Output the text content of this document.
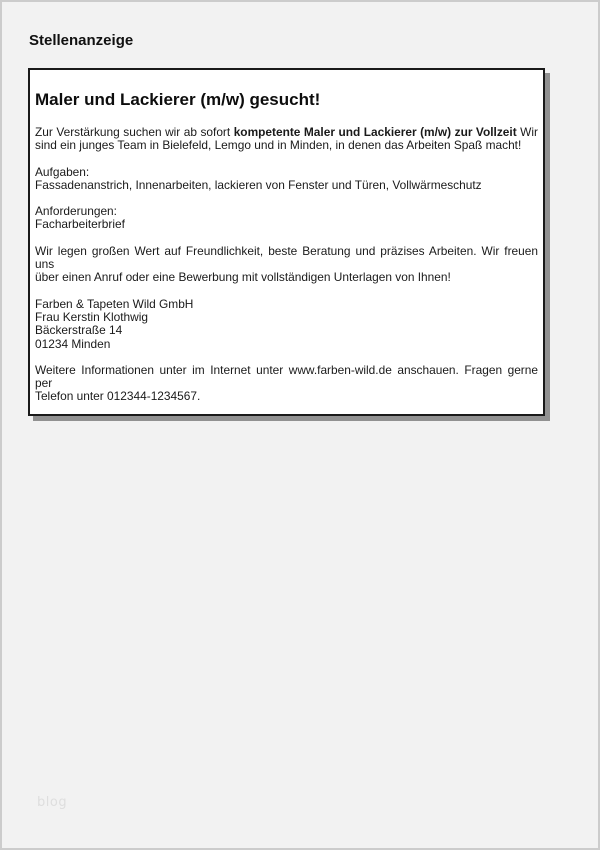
Stellenanzeige
Maler und Lackierer (m/w) gesucht!
Zur Verstärkung suchen wir ab sofort kompetente Maler und Lackierer (m/w) zur Vollzeit Wir
sind ein junges Team in Bielefeld, Lemgo und in Minden, in denen das Arbeiten Spaß macht!
Aufgaben:
Fassadenanstrich, Innenarbeiten, lackieren von Fenster und Türen, Vollwärmeschutz
Anforderungen:
Facharbeiterbrief
Wir legen großen Wert auf Freundlichkeit, beste Beratung und präzises Arbeiten. Wir freuen uns
über einen Anruf oder eine Bewerbung mit vollständigen Unterlagen von Ihnen!
Farben & Tapeten Wild GmbH
Frau Kerstin Klothwig
Bäckerstraße 14
01234 Minden
Weitere Informationen unter im Internet unter www.farben-wild.de anschauen. Fragen gerne per
Telefon unter 012344-1234567.
blog
